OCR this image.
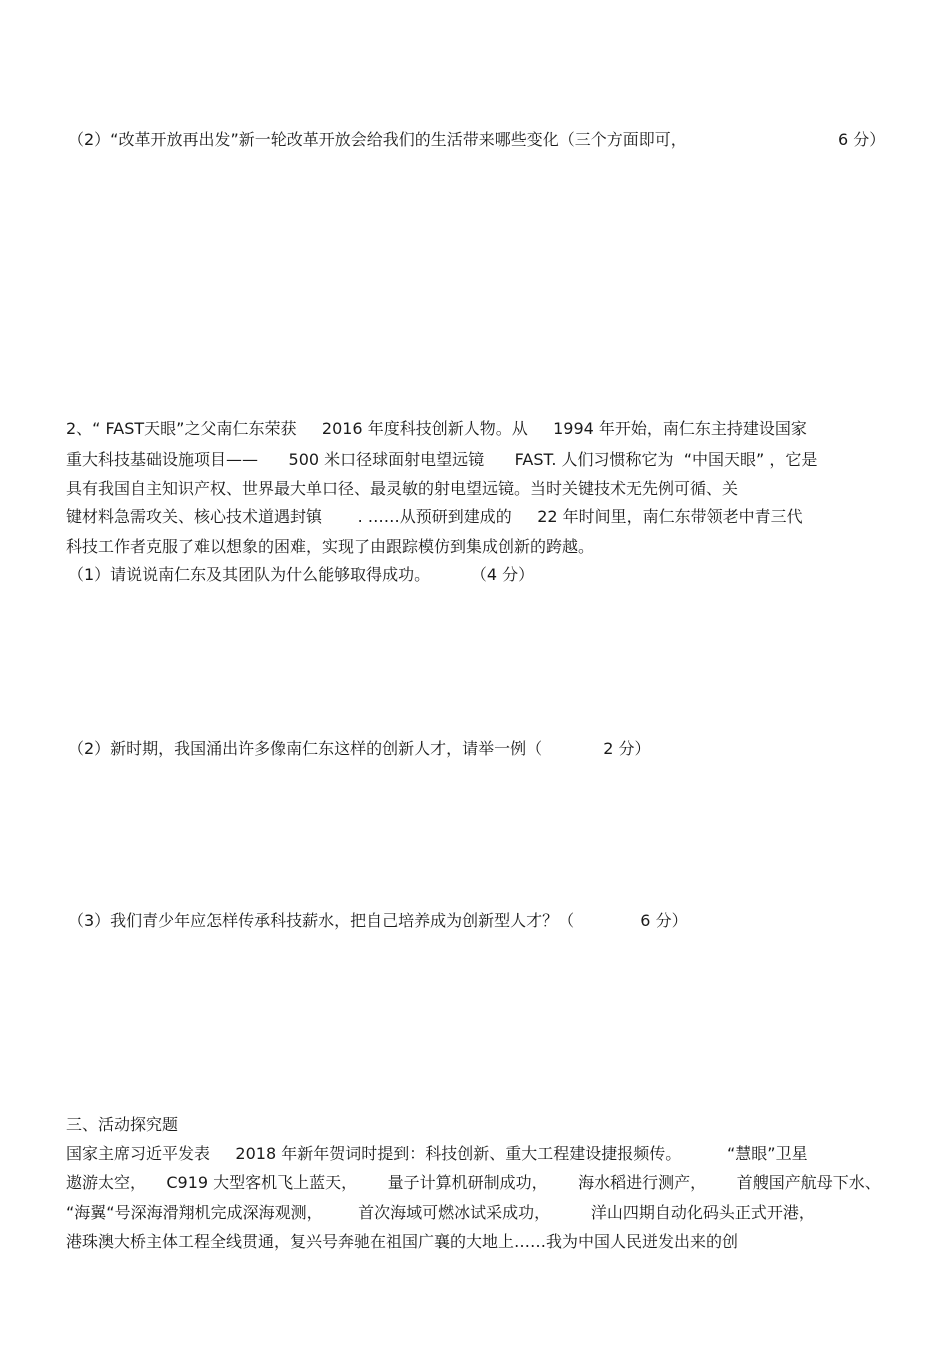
（2）“改革开放再出发”新一轮改革开放会给我们的生活带来哪些变化（三个方面即可，	6 分）
2、“ FAST天眼”之父南仁东荣获     2016 年度科技创新人物。从     1994 年开始，南仁东主持建设国家
重大科技基础设施项目——      500 米口径球面射电望远镜      FAST. 人们习惯称它为  “中国天眼” ，它是
具有我国自主知识产权、世界最大单口径、最灵敏的射电望远镜。当时关键技术无先例可循、关
键材料急需攻关、核心技术道遇封镇       . ……从预研到建成的     22 年时间里，南仁东带领老中青三代
科技工作者克服了难以想象的困难，实现了由跟踪模仿到集成创新的跨越。
（1）请说说南仁东及其团队为什么能够取得成功。        （4 分）
（2）新时期，我国涌出许多像南仁东这样的创新人才，请举一例（            2 分）
（3）我们青少年应怎样传承科技薪水，把自己培养成为创新型人才？（             6 分）
三、活动探究题
国家主席习近平发表     2018 年新年贺词时提到：科技创新、重大工程建设捷报频传。         “慧眼”卫星
遨游太空，    C919 大型客机飞上蓝天，      量子计算机研制成功，      海水稻进行测产，      首艘国产航母下水、
“海翼“号深海滑翔机完成深海观测，       首次海域可燃冰试采成功，        洋山四期自动化码头正式开港，
港珠澳大桥主体工程全线贯通，复兴号奔驰在祖国广襄的大地上……我为中国人民迸发出来的创
